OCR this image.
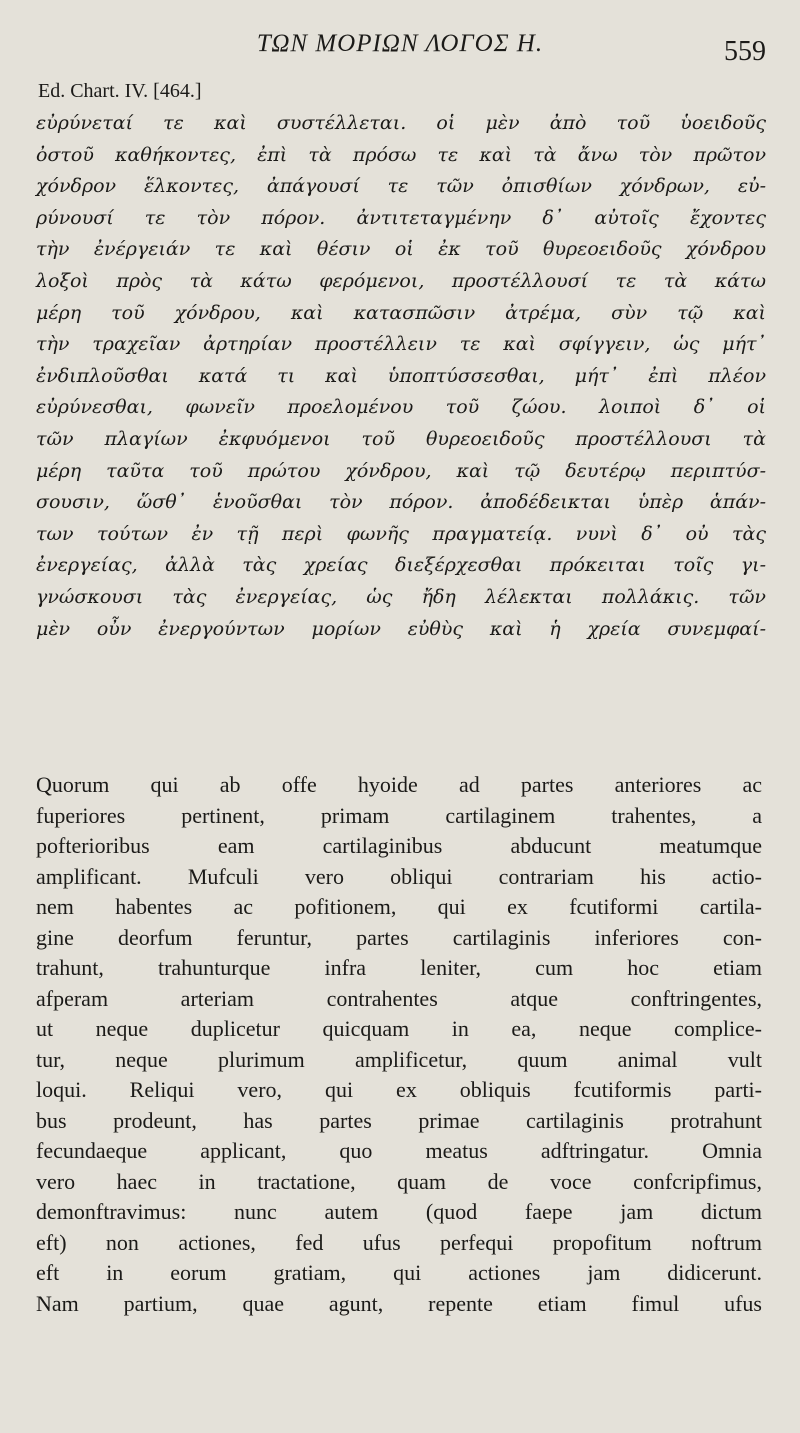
ΤΩΝ ΜΟΡΙΩΝ ΛΟΓΟΣ Η.	559
Ed. Chart. IV. [464.]
εὐρύνεταί τε καὶ συστέλλεται. οἱ μὲν ἀπὸ τοῦ ὑοειδοῦς
ὀστοῦ καθήκοντες, ἐπὶ τὰ πρόσω τε καὶ τὰ ἄνω τὸν πρῶτον
χόνδρον ἕλκοντες, ἀπάγουσί τε τῶν ὀπισθίων χόνδρων, εὐ-
ρύνουσί τε τὸν πόρον. ἀντιτεταγμένην δ᾽ αὐτοῖς ἔχοντες
τὴν ἐνέργειάν τε καὶ θέσιν οἱ ἐκ τοῦ θυρεοειδοῦς χόνδρου
λοξοὶ πρὸς τὰ κάτω φερόμενοι, προστέλλουσί τε τὰ κάτω
μέρη τοῦ χόνδρου, καὶ κατασπῶσιν ἀτρέμα, σὺν τῷ καὶ
τὴν τραχεῖαν ἀρτηρίαν προστέλλειν τε καὶ σφίγγειν, ὡς μήτ᾽
ἐνδιπλοῦσθαι κατά τι καὶ ὑποπτύσσεσθαι, μήτ᾽ ἐπὶ πλέον
εὐρύνεσθαι, φωνεῖν προελομένου τοῦ ζώου. λοιποὶ δ᾽ οἱ
τῶν πλαγίων ἐκφυόμενοι τοῦ θυρεοειδοῦς προστέλλουσι τὰ
μέρη ταῦτα τοῦ πρώτου χόνδρου, καὶ τῷ δευτέρῳ περιπτύσ-
σουσιν, ὥσθ᾽ ἑνοῦσθαι τὸν πόρον. ἀποδέδεικται ὑπὲρ ἁπάν-
των τούτων ἐν τῇ περὶ φωνῆς πραγματείᾳ. νυνὶ δ᾽ οὐ τὰς
ἐνεργείας, ἀλλὰ τὰς χρείας διεξέρχεσθαι πρόκειται τοῖς γι-
γνώσκουσι τὰς ἐνεργείας, ὡς ἤδη λέλεκται πολλάκις. τῶν
μὲν οὖν ἐνεργούντων μορίων εὐθὺς καὶ ἡ χρεία συνεμφαί-
Quorum qui ab offe hyoide ad partes anteriores ac
fuperiores pertinent, primam cartilaginem trahentes, a
pofterioribus eam cartilaginibus abducunt meatumque
amplificant. Mufculi vero obliqui contrariam his actio-
nem habentes ac pofitionem, qui ex fcutiformi cartila-
gine deorfum feruntur, partes cartilaginis inferiores con-
trahunt, trahunturque infra leniter, cum hoc etiam
afperam arteriam contrahentes atque conftringentes,
ut neque duplicetur quicquam in ea, neque complice-
tur, neque plurimum amplificetur, quum animal vult
loqui. Reliqui vero, qui ex obliquis fcutiformis parti-
bus prodeunt, has partes primae cartilaginis protrahunt
fecundaeque applicant, quo meatus adftringatur. Omnia
vero haec in tractatione, quam de voce confcripfimus,
demonftravimus: nunc autem (quod faepe jam dictum
eft) non actiones, fed ufus perfequi propofitum noftrum
eft in eorum gratiam, qui actiones jam didicerunt.
Nam partium, quae agunt, repente etiam fimul ufus
